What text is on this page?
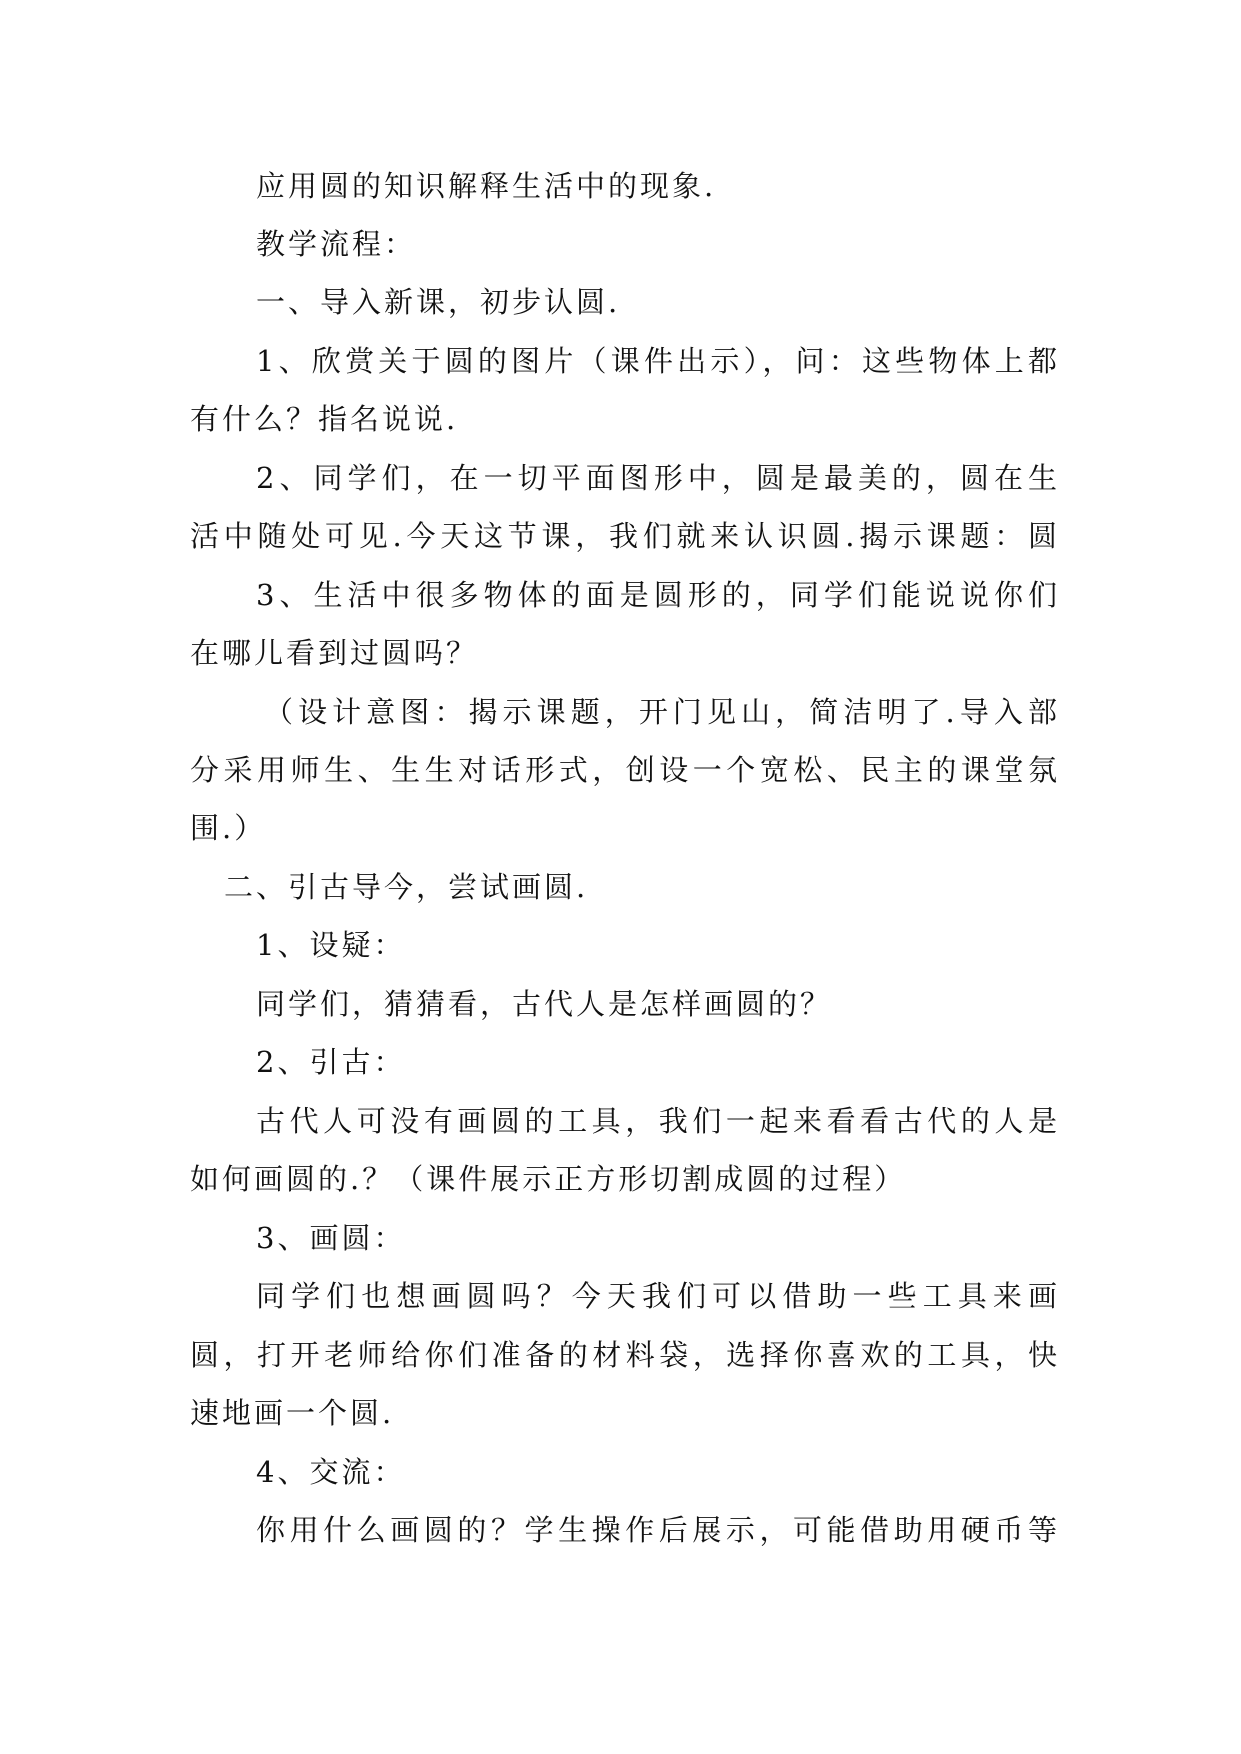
应用圆的知识解释生活中的现象.
教学流程：
一、导入新课，初步认圆.
1、欣赏关于圆的图片（课件出示），问：这些物体上都
有什么？指名说说.
2、同学们，在一切平面图形中，圆是最美的，圆在生
活中随处可见.今天这节课，我们就来认识圆.揭示课题：圆
3、生活中很多物体的面是圆形的，同学们能说说你们
在哪儿看到过圆吗？
（设计意图：揭示课题，开门见山，简洁明了.导入部
分采用师生、生生对话形式，创设一个宽松、民主的课堂氛
围.）
二、引古导今，尝试画圆.
1、设疑：
同学们，猜猜看，古代人是怎样画圆的？
2、引古：
古代人可没有画圆的工具，我们一起来看看古代的人是
如何画圆的.？（课件展示正方形切割成圆的过程）
3、画圆：
同学们也想画圆吗？今天我们可以借助一些工具来画
圆，打开老师给你们准备的材料袋，选择你喜欢的工具，快
速地画一个圆.
4、交流：
你用什么画圆的？学生操作后展示，可能借助用硬币等
